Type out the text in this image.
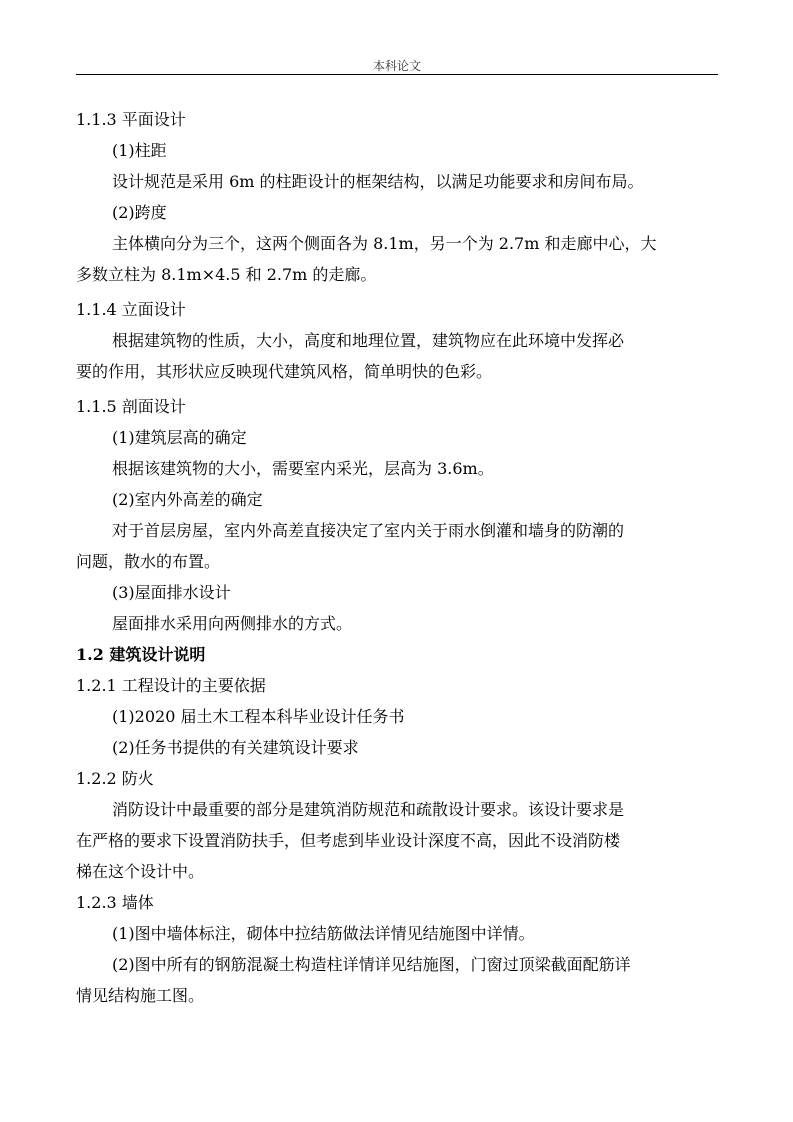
本科论文
1.1.3 平面设计
(1)柱距
设计规范是采用 6m 的柱距设计的框架结构，以满足功能要求和房间布局。
(2)跨度
主体横向分为三个，这两个侧面各为 8.1m，另一个为 2.7m 和走廊中心，大
多数立柱为 8.1m×4.5 和 2.7m 的走廊。
1.1.4 立面设计
根据建筑物的性质，大小，高度和地理位置，建筑物应在此环境中发挥必
要的作用，其形状应反映现代建筑风格，简单明快的色彩。
1.1.5 剖面设计
(1)建筑层高的确定
根据该建筑物的大小，需要室内采光，层高为 3.6m。
(2)室内外高差的确定
对于首层房屋，室内外高差直接决定了室内关于雨水倒灌和墙身的防潮的
问题，散水的布置。
(3)屋面排水设计
屋面排水采用向两侧排水的方式。
1.2 建筑设计说明
1.2.1 工程设计的主要依据
(1)2020 届土木工程本科毕业设计任务书
(2)任务书提供的有关建筑设计要求
1.2.2 防火
消防设计中最重要的部分是建筑消防规范和疏散设计要求。该设计要求是
在严格的要求下设置消防扶手，但考虑到毕业设计深度不高，因此不设消防楼
梯在这个设计中。
1.2.3 墙体
(1)图中墙体标注，砌体中拉结筋做法详情见结施图中详情。
(2)图中所有的钢筋混凝土构造柱详情详见结施图，门窗过顶梁截面配筋详
情见结构施工图。
